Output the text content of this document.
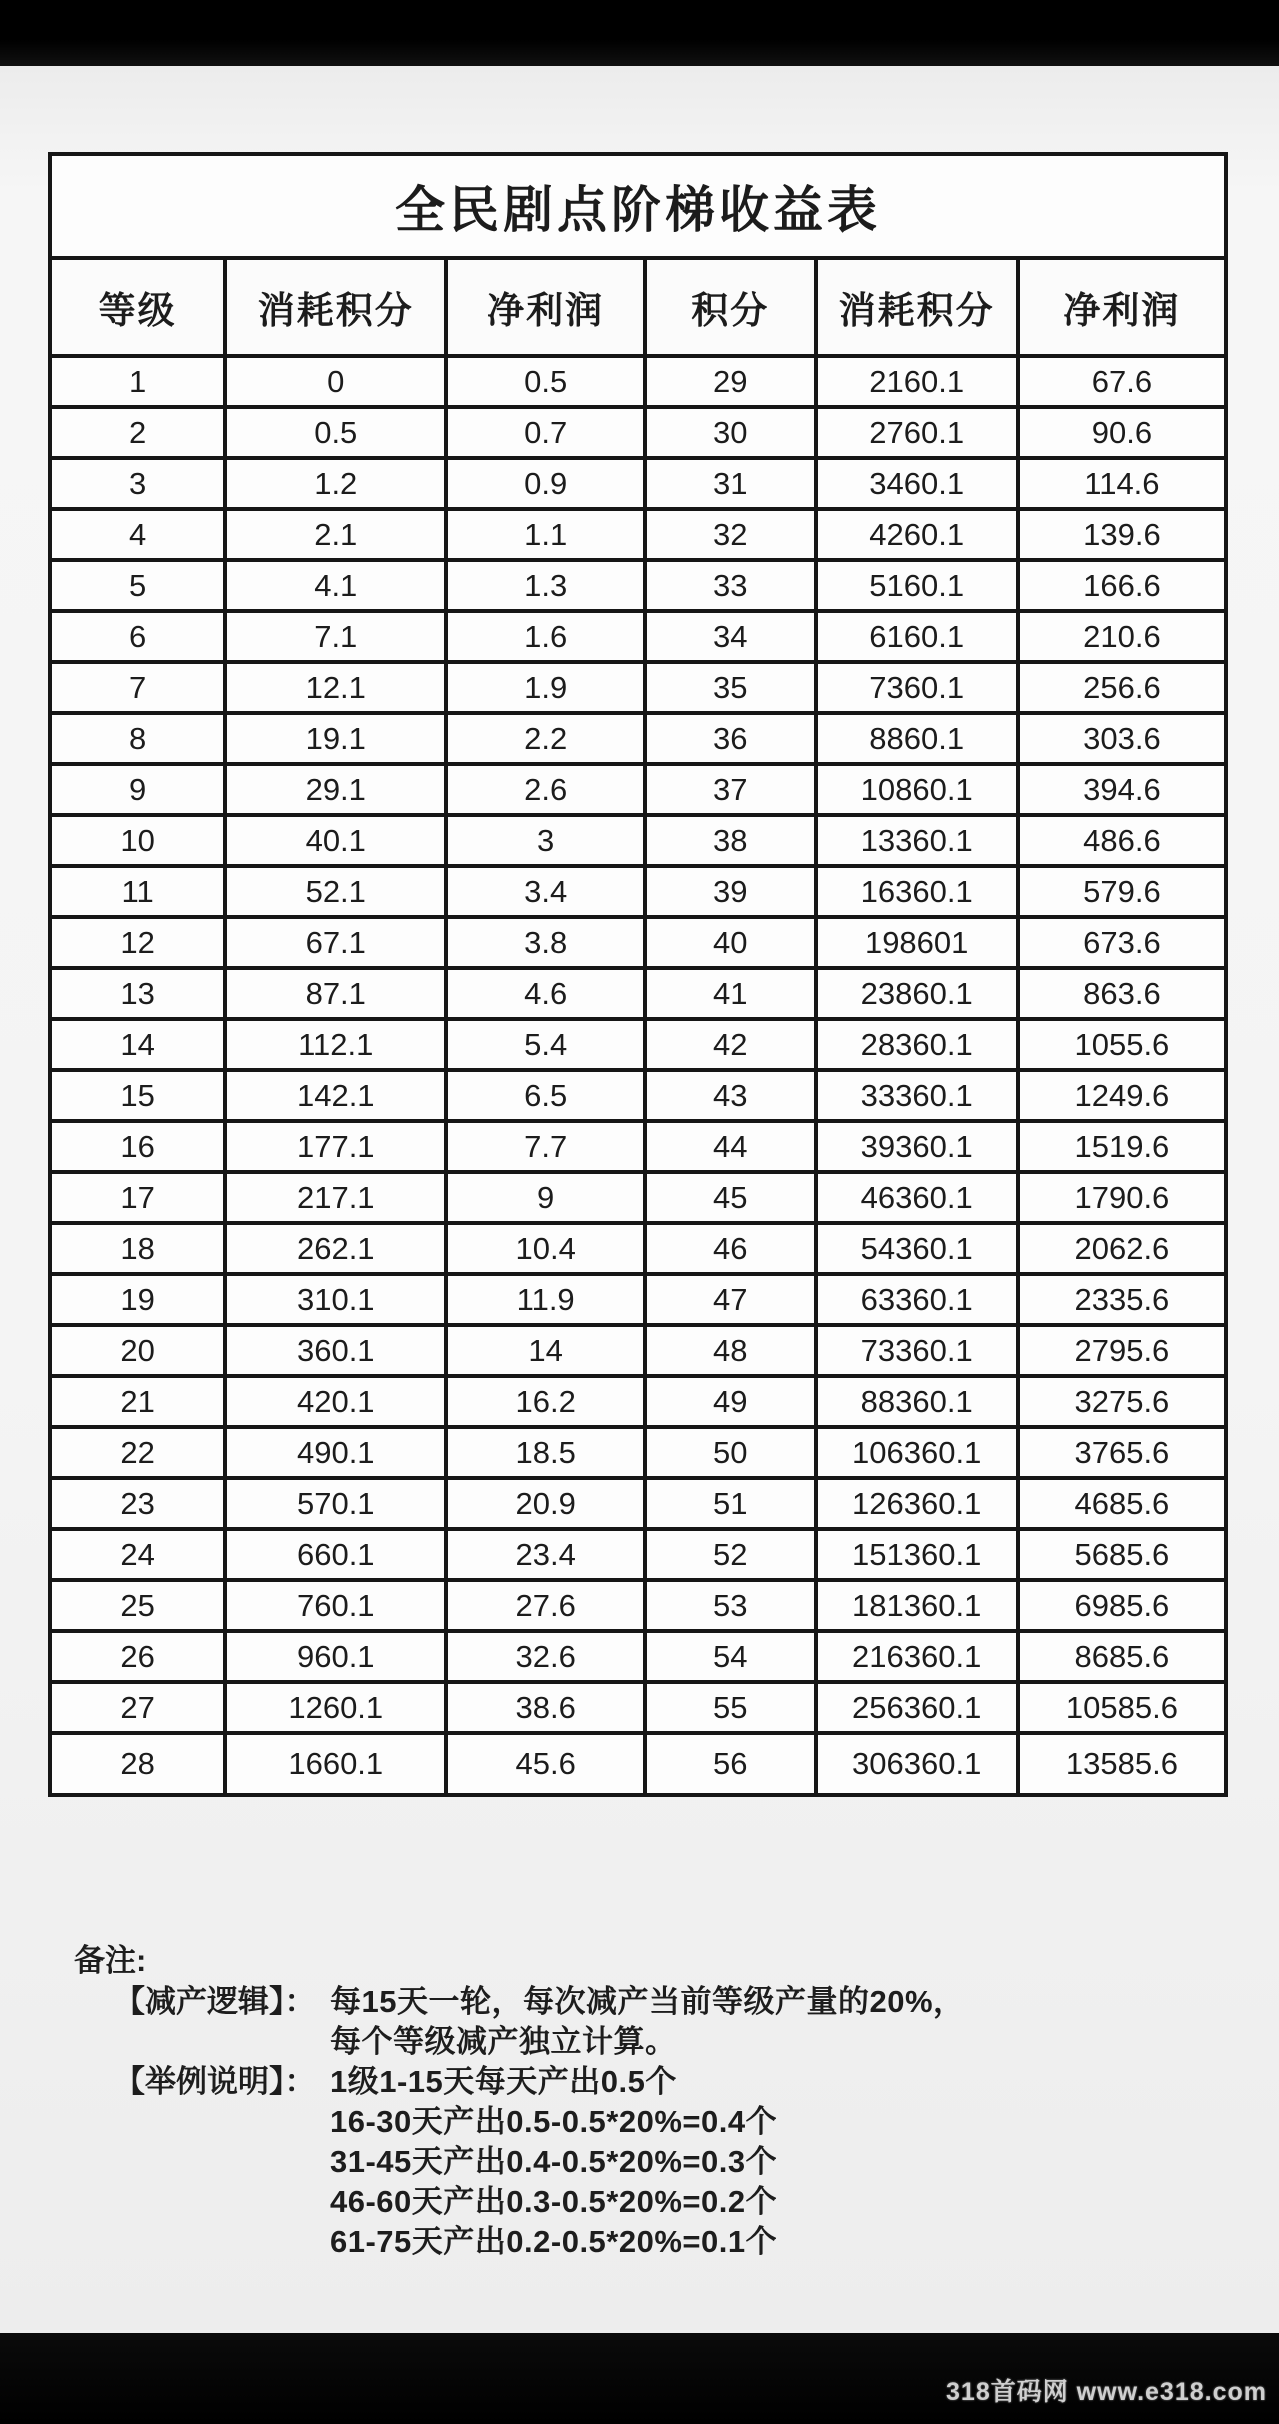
全民剧点阶梯收益表					
等级	消耗积分	净利润	积分	消耗积分	净利润
1	0	0.5	29	2160.1	67.6
2	0.5	0.7	30	2760.1	90.6
3	1.2	0.9	31	3460.1	114.6
4	2.1	1.1	32	4260.1	139.6
5	4.1	1.3	33	5160.1	166.6
6	7.1	1.6	34	6160.1	210.6
7	12.1	1.9	35	7360.1	256.6
8	19.1	2.2	36	8860.1	303.6
9	29.1	2.6	37	10860.1	394.6
10	40.1	3	38	13360.1	486.6
11	52.1	3.4	39	16360.1	579.6
12	67.1	3.8	40	198601	673.6
13	87.1	4.6	41	23860.1	863.6
14	112.1	5.4	42	28360.1	1055.6
15	142.1	6.5	43	33360.1	1249.6
16	177.1	7.7	44	39360.1	1519.6
17	217.1	9	45	46360.1	1790.6
18	262.1	10.4	46	54360.1	2062.6
19	310.1	11.9	47	63360.1	2335.6
20	360.1	14	48	73360.1	2795.6
21	420.1	16.2	49	88360.1	3275.6
22	490.1	18.5	50	106360.1	3765.6
23	570.1	20.9	51	126360.1	4685.6
24	660.1	23.4	52	151360.1	5685.6
25	760.1	27.6	53	181360.1	6985.6
26	960.1	32.6	54	216360.1	8685.6
27	1260.1	38.6	55	256360.1	10585.6
28	1660.1	45.6	56	306360.1	13585.6
备注:
【减产逻辑】： 每15天一轮，每次减产当前等级产量的20%，
每个等级减产独立计算。
【举例说明】： 1级1-15天每天产出0.5个
16-30天产出0.5-0.5*20%=0.4个
31-45天产出0.4-0.5*20%=0.3个
46-60天产出0.3-0.5*20%=0.2个
61-75天产出0.2-0.5*20%=0.1个
318首码网 www.e318.com
